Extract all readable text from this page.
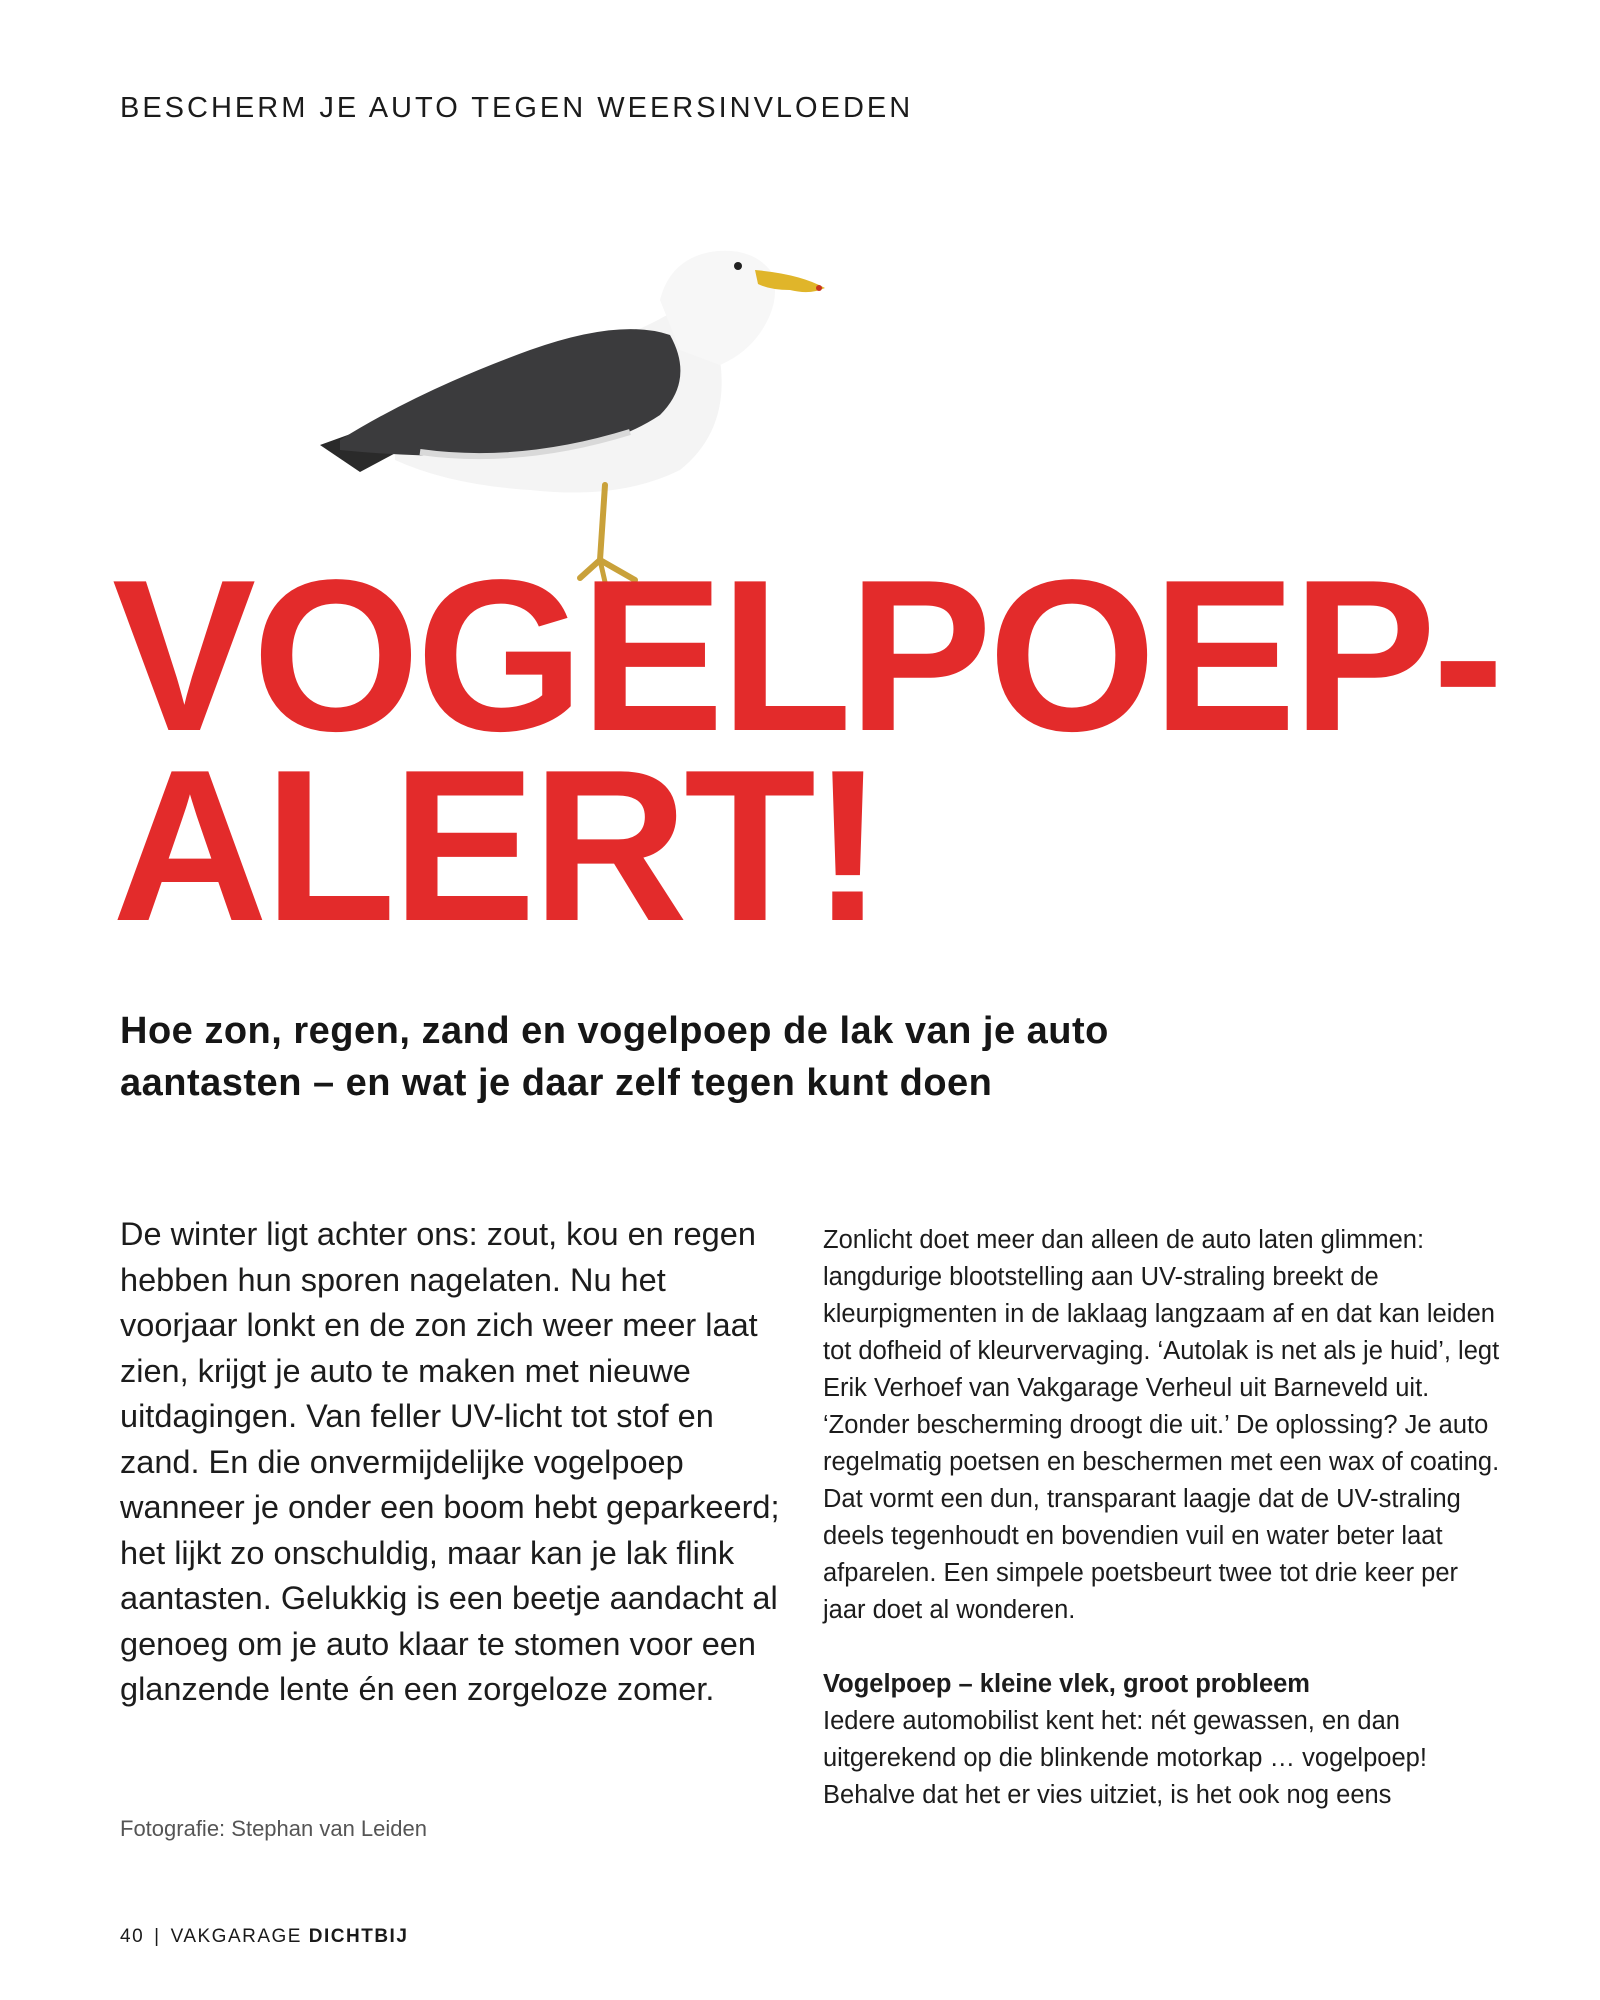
BESCHERM JE AUTO TEGEN WEERSINVLOEDEN
VOGELPOEP-
ALERT!
Hoe zon, regen, zand en vogelpoep de lak van je auto
aantasten – en wat je daar zelf tegen kunt doen
De winter ligt achter ons: zout, kou en regen hebben hun sporen nagelaten. Nu het voorjaar lonkt en de zon zich weer meer laat zien, krijgt je auto te maken met nieuwe uitdagingen. Van feller UV-licht tot stof en zand. En die onvermijdelijke vogelpoep wanneer je onder een boom hebt geparkeerd; het lijkt zo onschuldig, maar kan je lak flink aantasten. Gelukkig is een beetje aandacht al genoeg om je auto klaar te stomen voor een glanzende lente én een zorgeloze zomer.
Fotografie: Stephan van Leiden

Zonlicht doet meer dan alleen de auto laten glimmen: langdurige blootstelling aan UV-straling breekt de kleurpigmenten in de laklaag langzaam af en dat kan leiden tot dofheid of kleurvervaging. ‘Autolak is net als je huid’, legt Erik Verhoef van Vakgarage Verheul uit Barneveld uit. ‘Zonder bescherming droogt die uit.’ De oplossing? Je auto regelmatig poetsen en beschermen met een wax of coating. Dat vormt een dun, transparant laagje dat de UV-straling deels tegenhoudt en bovendien vuil en water beter laat afparelen. Een simpele poetsbeurt twee tot drie keer per jaar doet al wonderen.

Vogelpoep – kleine vlek, groot probleem

Iedere automobilist kent het: nét gewassen, en dan uitgerekend op die blinkende motorkap … vogelpoep! Behalve dat het er vies uitziet, is het ook nog eens

40 | VAKGARAGE DICHTBIJ
